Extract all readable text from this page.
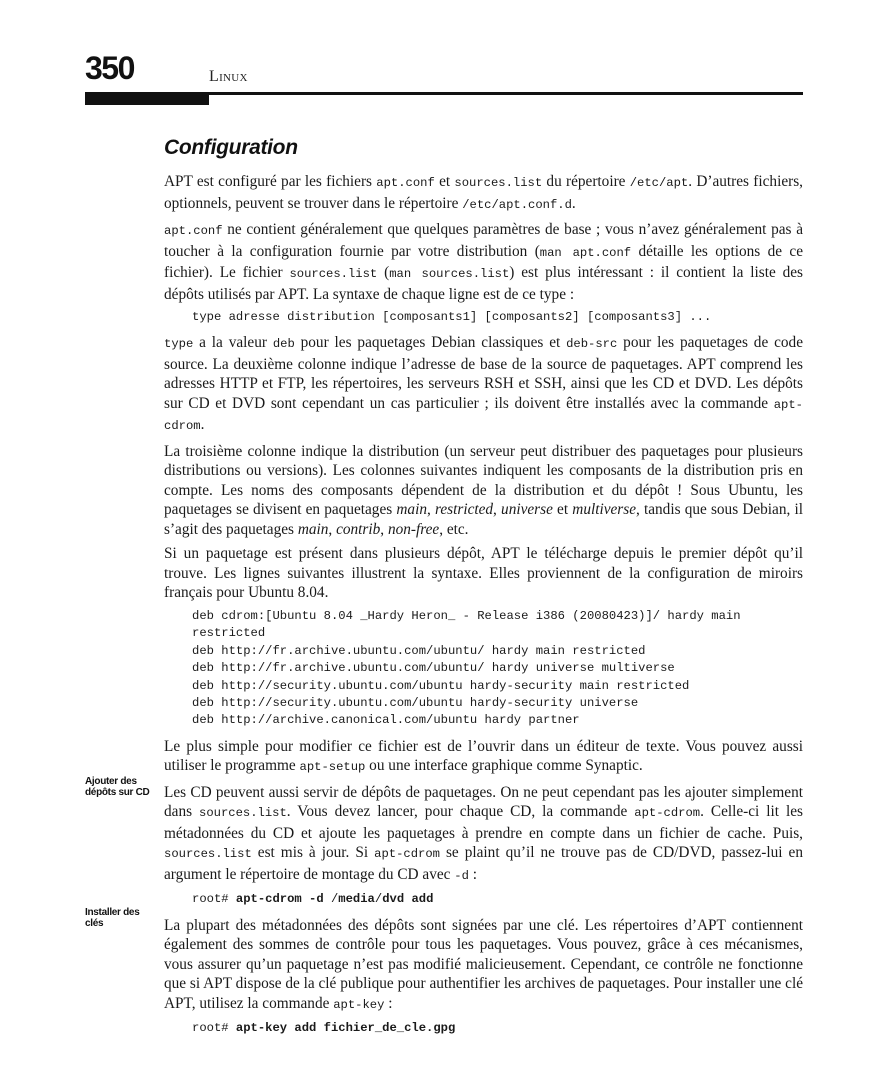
350	Linux
Configuration
Ajouter des dépôts sur CD
Installer des clés

APT est configuré par les fichiers apt.conf et sources.list du répertoire /etc/apt. D’autres fichiers, optionnels, peuvent se trouver dans le répertoire /etc/apt.conf.d.

apt.conf ne contient généralement que quelques paramètres de base ; vous n’avez généralement pas à toucher à la configuration fournie par votre distribution (man apt.conf détaille les options de ce fichier). Le fichier sources.list (man sources.list) est plus intéressant : il contient la liste des dépôts utilisés par APT. La syntaxe de chaque ligne est de ce type :

type adresse distribution [composants1] [composants2] [composants3] ...

type a la valeur deb pour les paquetages Debian classiques et deb-src pour les paquetages de code source. La deuxième colonne indique l’adresse de base de la source de paquetages. APT comprend les adresses HTTP et FTP, les répertoires, les serveurs RSH et SSH, ainsi que les CD et DVD. Les dépôts sur CD et DVD sont cependant un cas particulier ; ils doivent être installés avec la commande apt-cdrom.

La troisième colonne indique la distribution (un serveur peut distribuer des paquetages pour plusieurs distributions ou versions). Les colonnes suivantes indiquent les composants de la distribution pris en compte. Les noms des composants dépendent de la distribution et du dépôt ! Sous Ubuntu, les paquetages se divisent en paquetages main, restricted, universe et multiverse, tandis que sous Debian, il s’agit des paquetages main, contrib, non-free, etc.

Si un paquetage est présent dans plusieurs dépôt, APT le télécharge depuis le premier dépôt qu’il trouve. Les lignes suivantes illustrent la syntaxe. Elles proviennent de la configuration de miroirs français pour Ubuntu 8.04.

deb cdrom:[Ubuntu 8.04 _Hardy Heron_ - Release i386 (20080423)]/ hardy main
restricted
deb http://fr.archive.ubuntu.com/ubuntu/ hardy main restricted
deb http://fr.archive.ubuntu.com/ubuntu/ hardy universe multiverse
deb http://security.ubuntu.com/ubuntu hardy-security main restricted
deb http://security.ubuntu.com/ubuntu hardy-security universe
deb http://archive.canonical.com/ubuntu hardy partner

Le plus simple pour modifier ce fichier est de l’ouvrir dans un éditeur de texte. Vous pouvez aussi utiliser le programme apt-setup ou une interface graphique comme Synaptic.

Les CD peuvent aussi servir de dépôts de paquetages. On ne peut cependant pas les ajouter simplement dans sources.list. Vous devez lancer, pour chaque CD, la commande apt-cdrom. Celle-ci lit les métadonnées du CD et ajoute les paquetages à prendre en compte dans un fichier de cache. Puis, sources.list est mis à jour. Si apt-cdrom se plaint qu’il ne trouve pas de CD/DVD, passez-lui en argument le répertoire de montage du CD avec -d :

root# apt-cdrom -d /media/dvd add

La plupart des métadonnées des dépôts sont signées par une clé. Les répertoires d’APT contiennent également des sommes de contrôle pour tous les paquetages. Vous pouvez, grâce à ces mécanismes, vous assurer qu’un paquetage n’est pas modifié malicieusement. Cependant, ce contrôle ne fonctionne que si APT dispose de la clé publique pour authentifier les archives de paquetages. Pour installer une clé APT, utilisez la commande apt-key :

root# apt-key add fichier_de_cle.gpg
